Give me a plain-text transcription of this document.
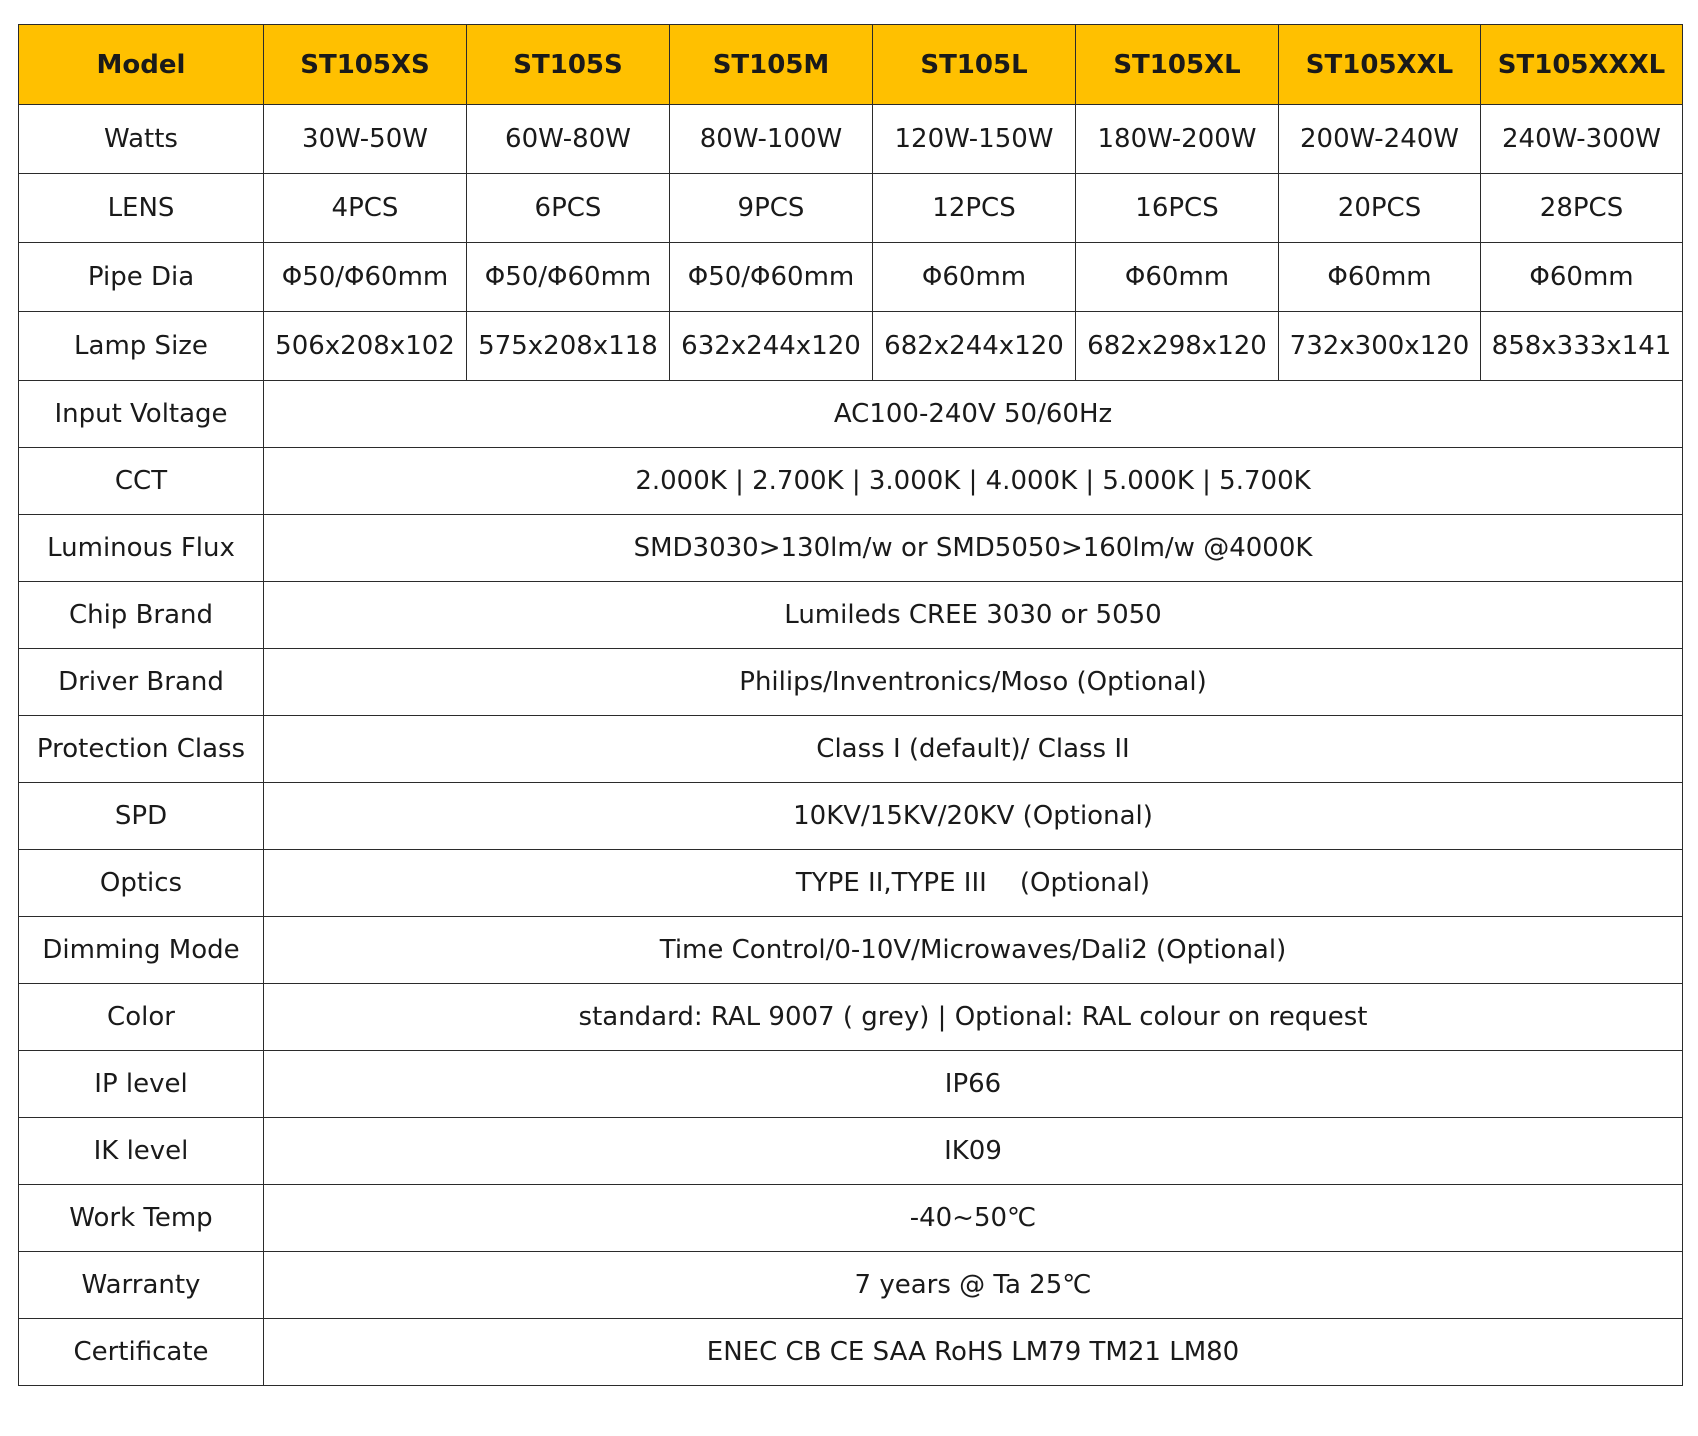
Model	ST105XS	ST105S	ST105M	ST105L	ST105XL	ST105XXL	ST105XXXL
Watts	30W-50W	60W-80W	80W-100W	120W-150W	180W-200W	200W-240W	240W-300W
LENS	4PCS	6PCS	9PCS	12PCS	16PCS	20PCS	28PCS
Pipe Dia	Φ50/Φ60mm	Φ50/Φ60mm	Φ50/Φ60mm	Φ60mm	Φ60mm	Φ60mm	Φ60mm
Lamp Size	506x208x102	575x208x118	632x244x120	682x244x120	682x298x120	732x300x120	858x333x141
Input Voltage	AC100-240V 50/60Hz						
CCT	2.000K | 2.700K | 3.000K | 4.000K | 5.000K | 5.700K						
Luminous Flux	SMD3030>130lm/w or SMD5050>160lm/w @4000K						
Chip Brand	Lumileds CREE 3030 or 5050						
Driver Brand	Philips/Inventronics/Moso (Optional)						
Protection Class	Class I (default)/ Class II						
SPD	10KV/15KV/20KV (Optional)						
Optics	TYPE II,TYPE III    (Optional)						
Dimming Mode	Time Control/0-10V/Microwaves/Dali2 (Optional)						
Color	standard: RAL 9007 ( grey) | Optional: RAL colour on request						
IP level	IP66						
IK level	IK09						
Work Temp	-40~50℃						
Warranty	7 years @ Ta 25℃						
Certificate	ENEC CB CE SAA RoHS LM79 TM21 LM80						
